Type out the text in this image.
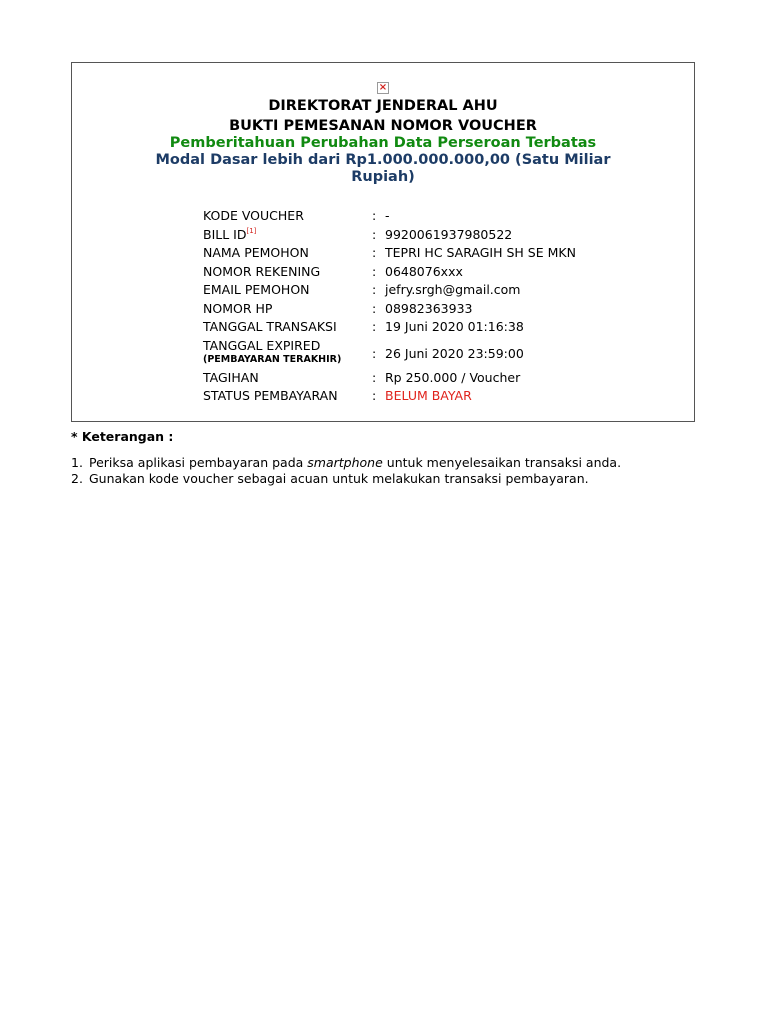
×
DIREKTORAT JENDERAL AHU
BUKTI PEMESANAN NOMOR VOUCHER
Pemberitahuan Perubahan Data Perseroan Terbatas
Modal Dasar lebih dari Rp1.000.000.000,00 (Satu Miliar Rupiah)
KODE VOUCHER	: -
BILL ID[1]	: 9920061937980522
NAMA PEMOHON	: TEPRI HC SARAGIH SH SE MKN
NOMOR REKENING	: 0648076xxx
EMAIL PEMOHON	: jefry.srgh@gmail.com
NOMOR HP	: 08982363933
TANGGAL TRANSAKSI	: 19 Juni 2020 01:16:38
TANGGAL EXPIRED
(PEMBAYARAN TERAKHIR)	: 26 Juni 2020 23:59:00
TAGIHAN	: Rp 250.000 / Voucher
STATUS PEMBAYARAN	: BELUM BAYAR
* Keterangan :
1. Periksa aplikasi pembayaran pada smartphone untuk menyelesaikan transaksi anda.
2. Gunakan kode voucher sebagai acuan untuk melakukan transaksi pembayaran.
